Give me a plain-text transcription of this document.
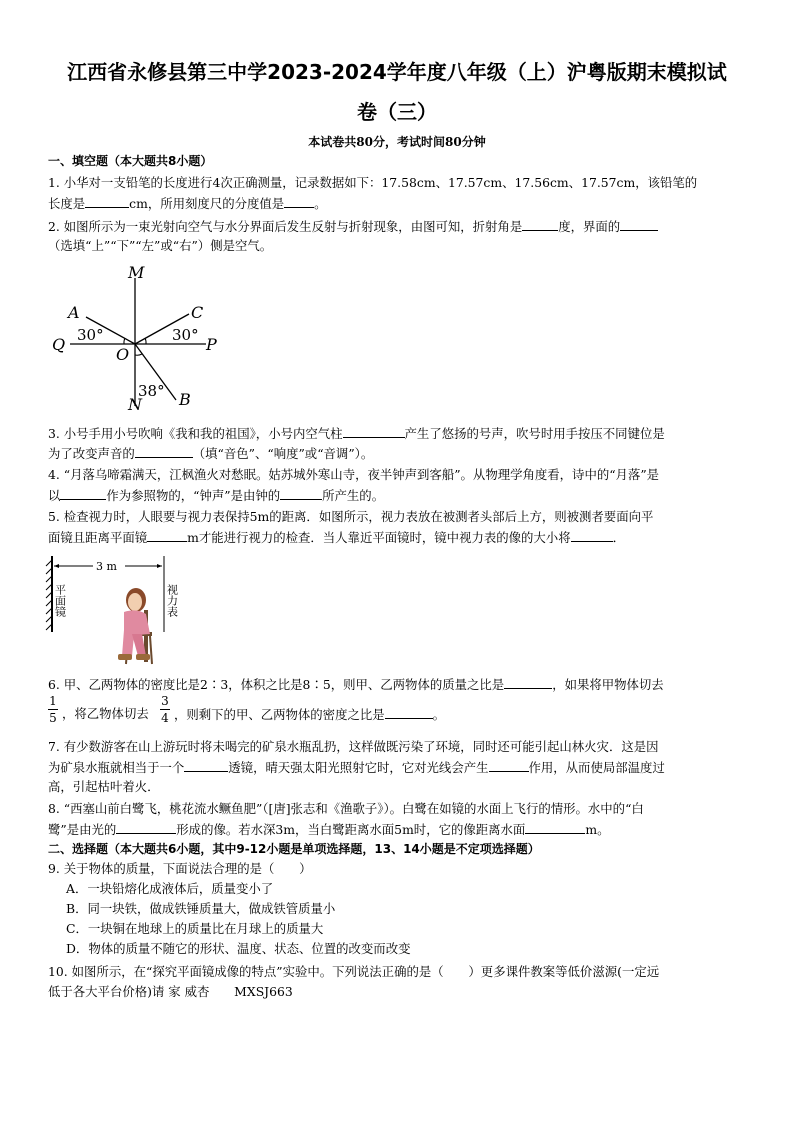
江西省永修县第三中学2023-2024学年度八年级（上）沪粤版期末模拟试
卷（三）
本试卷共80分，考试时间80分钟
一、填空题（本大题共8小题）
1. 小华对一支铅笔的长度进行4次正确测量，记录数据如下：17.58cm、17.57cm、17.56cm、17.57cm，该铅笔的
长度是	cm，所用刻度尺的分度值是 。
2. 如图所示为一束光射向空气与水分界面后发生反射与折射现象，由图可知，折射角是	度，界面的
（选填“上”“下”“左”或“右”）侧是空气。
M
N
A
B
C
O
P
Q 30°	30°
38°
3. 小号手用小号吹响《我和我的祖国》，小号内空气柱	产生了悠扬的号声，吹号时用手按压不同键位是
为了改变声音的	（填“音色”、“响度”或“音调”）。
4. “月落乌啼霜满天，江枫渔火对愁眠。姑苏城外寒山寺，夜半钟声到客船”。从物理学角度看，诗中的“月落”是
以	作为参照物的，“钟声”是由钟的	所产生的。
5. 检查视力时，人眼要与视力表保持5m的距离．如图所示，视力表放在被测者头部后上方，则被测者要面向平
面镜且距离平面镜	m才能进行视力的检查．当人靠近平面镜时，镜中视力表的像的大小将	．
3 m
平面镜	视力表
6. 甲、乙两物体的密度比是2∶3，体积之比是8∶5，则甲、乙两物体的质量之比是	，如果将甲物体切去
1
5 ，将乙物体切去
3
4 ，则剩下的甲、乙两物体的密度之比是	。
7. 有少数游客在山上游玩时将未喝完的矿泉水瓶乱扔，这样做既污染了环境，同时还可能引起山林火灾．这是因
为矿泉水瓶就相当于一个	透镜，晴天强太阳光照射它时，它对光线会产生	作用，从而使局部温度过
高，引起枯叶着火．
8. “西塞山前白鹭飞，桃花流水鳜鱼肥”（[唐]张志和《渔歌子》）。白鹭在如镜的水面上飞行的情形。水中的“白
鹭”是由光的	形成的像。若水深3m，当白鹭距离水面5m时，它的像距离水面	m。
二、选择题（本大题共6小题，其中9-12小题是单项选择题，13、14小题是不定项选择题）
9. 关于物体的质量，下面说法合理的是（　　）
A．一块铅熔化成液体后，质量变小了
B．同一块铁，做成铁锤质量大，做成铁管质量小
C．一块铜在地球上的质量比在月球上的质量大
D．物体的质量不随它的形状、温度、状态、位置的改变而改变
10. 如图所示，在“探究平面镜成像的特点”实验中。下列说法正确的是（　　）更多课件教案等低价滋源(一定远
低于各大平台价格)请 家 威杏　　MXSJ663
